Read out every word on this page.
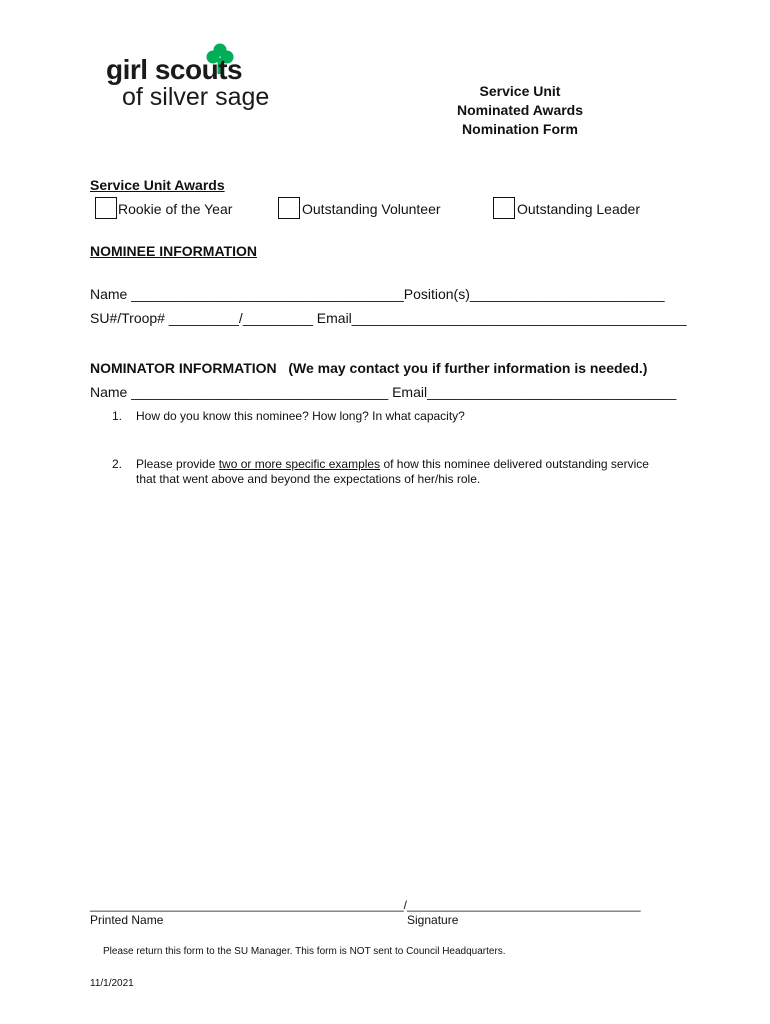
girl scouts
of silver sage	Service Unit
Nominated Awards
Nomination Form
Service Unit Awards
Rookie of the Year	Outstanding Volunteer	Outstanding Leader
NOMINEE INFORMATION
Name ___________________________________Position(s)_________________________
SU#/Troop# _________/_________ Email___________________________________________
NOMINATOR INFORMATION (We may contact you if further information is needed.)
Name _________________________________ Email________________________________
1. How do you know this nominee? How long? In what capacity?
2. Please provide two or more specific examples of how this nominee delivered outstanding service
that that went above and beyond the expectations of her/his role.
_______________________________________________/___________________________________
Printed Name	Signature
Please return this form to the SU Manager. This form is NOT sent to Council Headquarters.
11/1/2021
